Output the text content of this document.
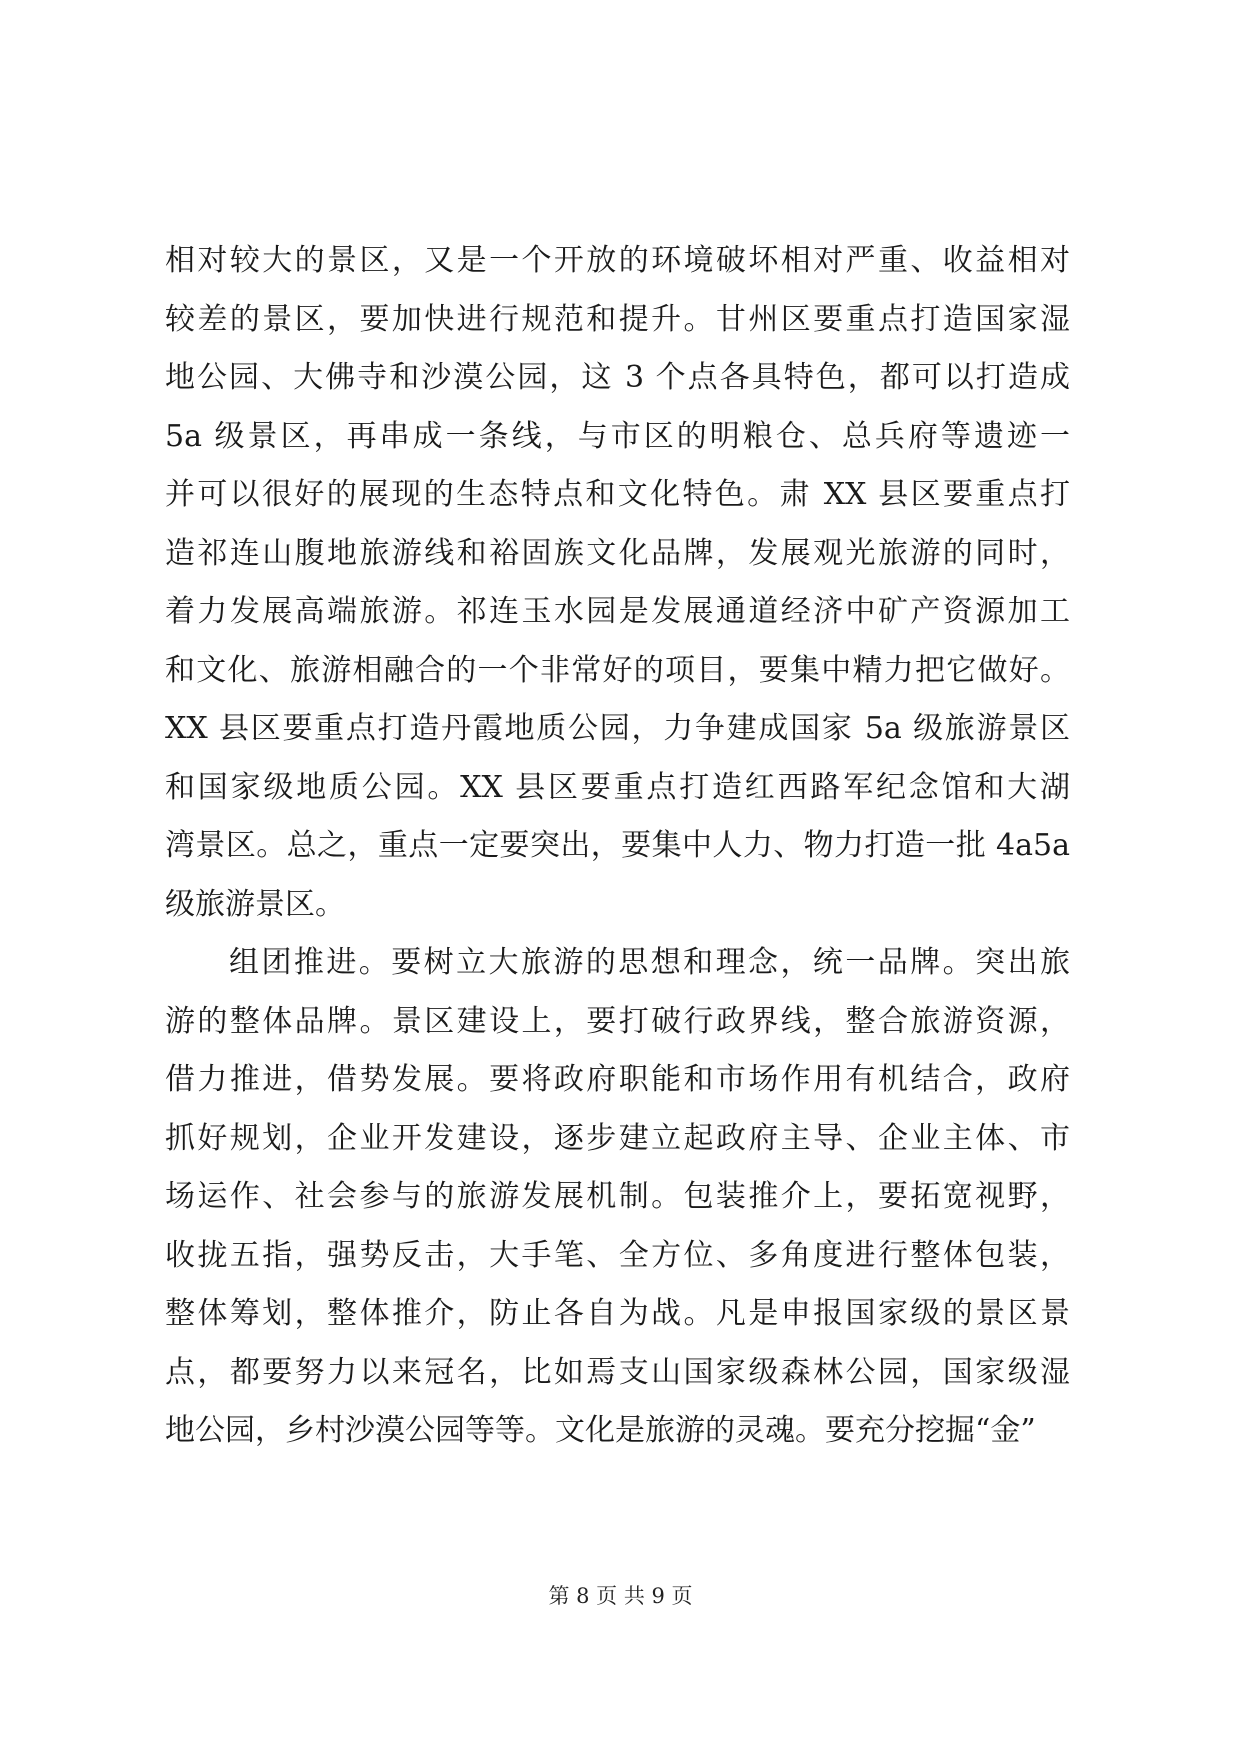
相对较大的景区，又是一个开放的环境破坏相对严重、收益相对
较差的景区，要加快进行规范和提升。甘州区要重点打造国家湿
地公园、大佛寺和沙漠公园，这 3 个点各具特色，都可以打造成
5a 级景区，再串成一条线，与市区的明粮仓、总兵府等遗迹一
并可以很好的展现的生态特点和文化特色。肃 XX 县区要重点打
造祁连山腹地旅游线和裕固族文化品牌，发展观光旅游的同时，
着力发展高端旅游。祁连玉水园是发展通道经济中矿产资源加工
和文化、旅游相融合的一个非常好的项目，要集中精力把它做好。
XX 县区要重点打造丹霞地质公园，力争建成国家 5a 级旅游景区
和国家级地质公园。XX 县区要重点打造红西路军纪念馆和大湖
湾景区。总之，重点一定要突出，要集中人力、物力打造一批 4a5a
级旅游景区。
组团推进。要树立大旅游的思想和理念，统一品牌。突出旅
游的整体品牌。景区建设上，要打破行政界线，整合旅游资源，
借力推进，借势发展。要将政府职能和市场作用有机结合，政府
抓好规划，企业开发建设，逐步建立起政府主导、企业主体、市
场运作、社会参与的旅游发展机制。包装推介上，要拓宽视野，
收拢五指，强势反击，大手笔、全方位、多角度进行整体包装，
整体筹划，整体推介，防止各自为战。凡是申报国家级的景区景
点，都要努力以来冠名，比如焉支山国家级森林公园，国家级湿
地公园，乡村沙漠公园等等。文化是旅游的灵魂。要充分挖掘“金”
第 8 页 共 9 页
